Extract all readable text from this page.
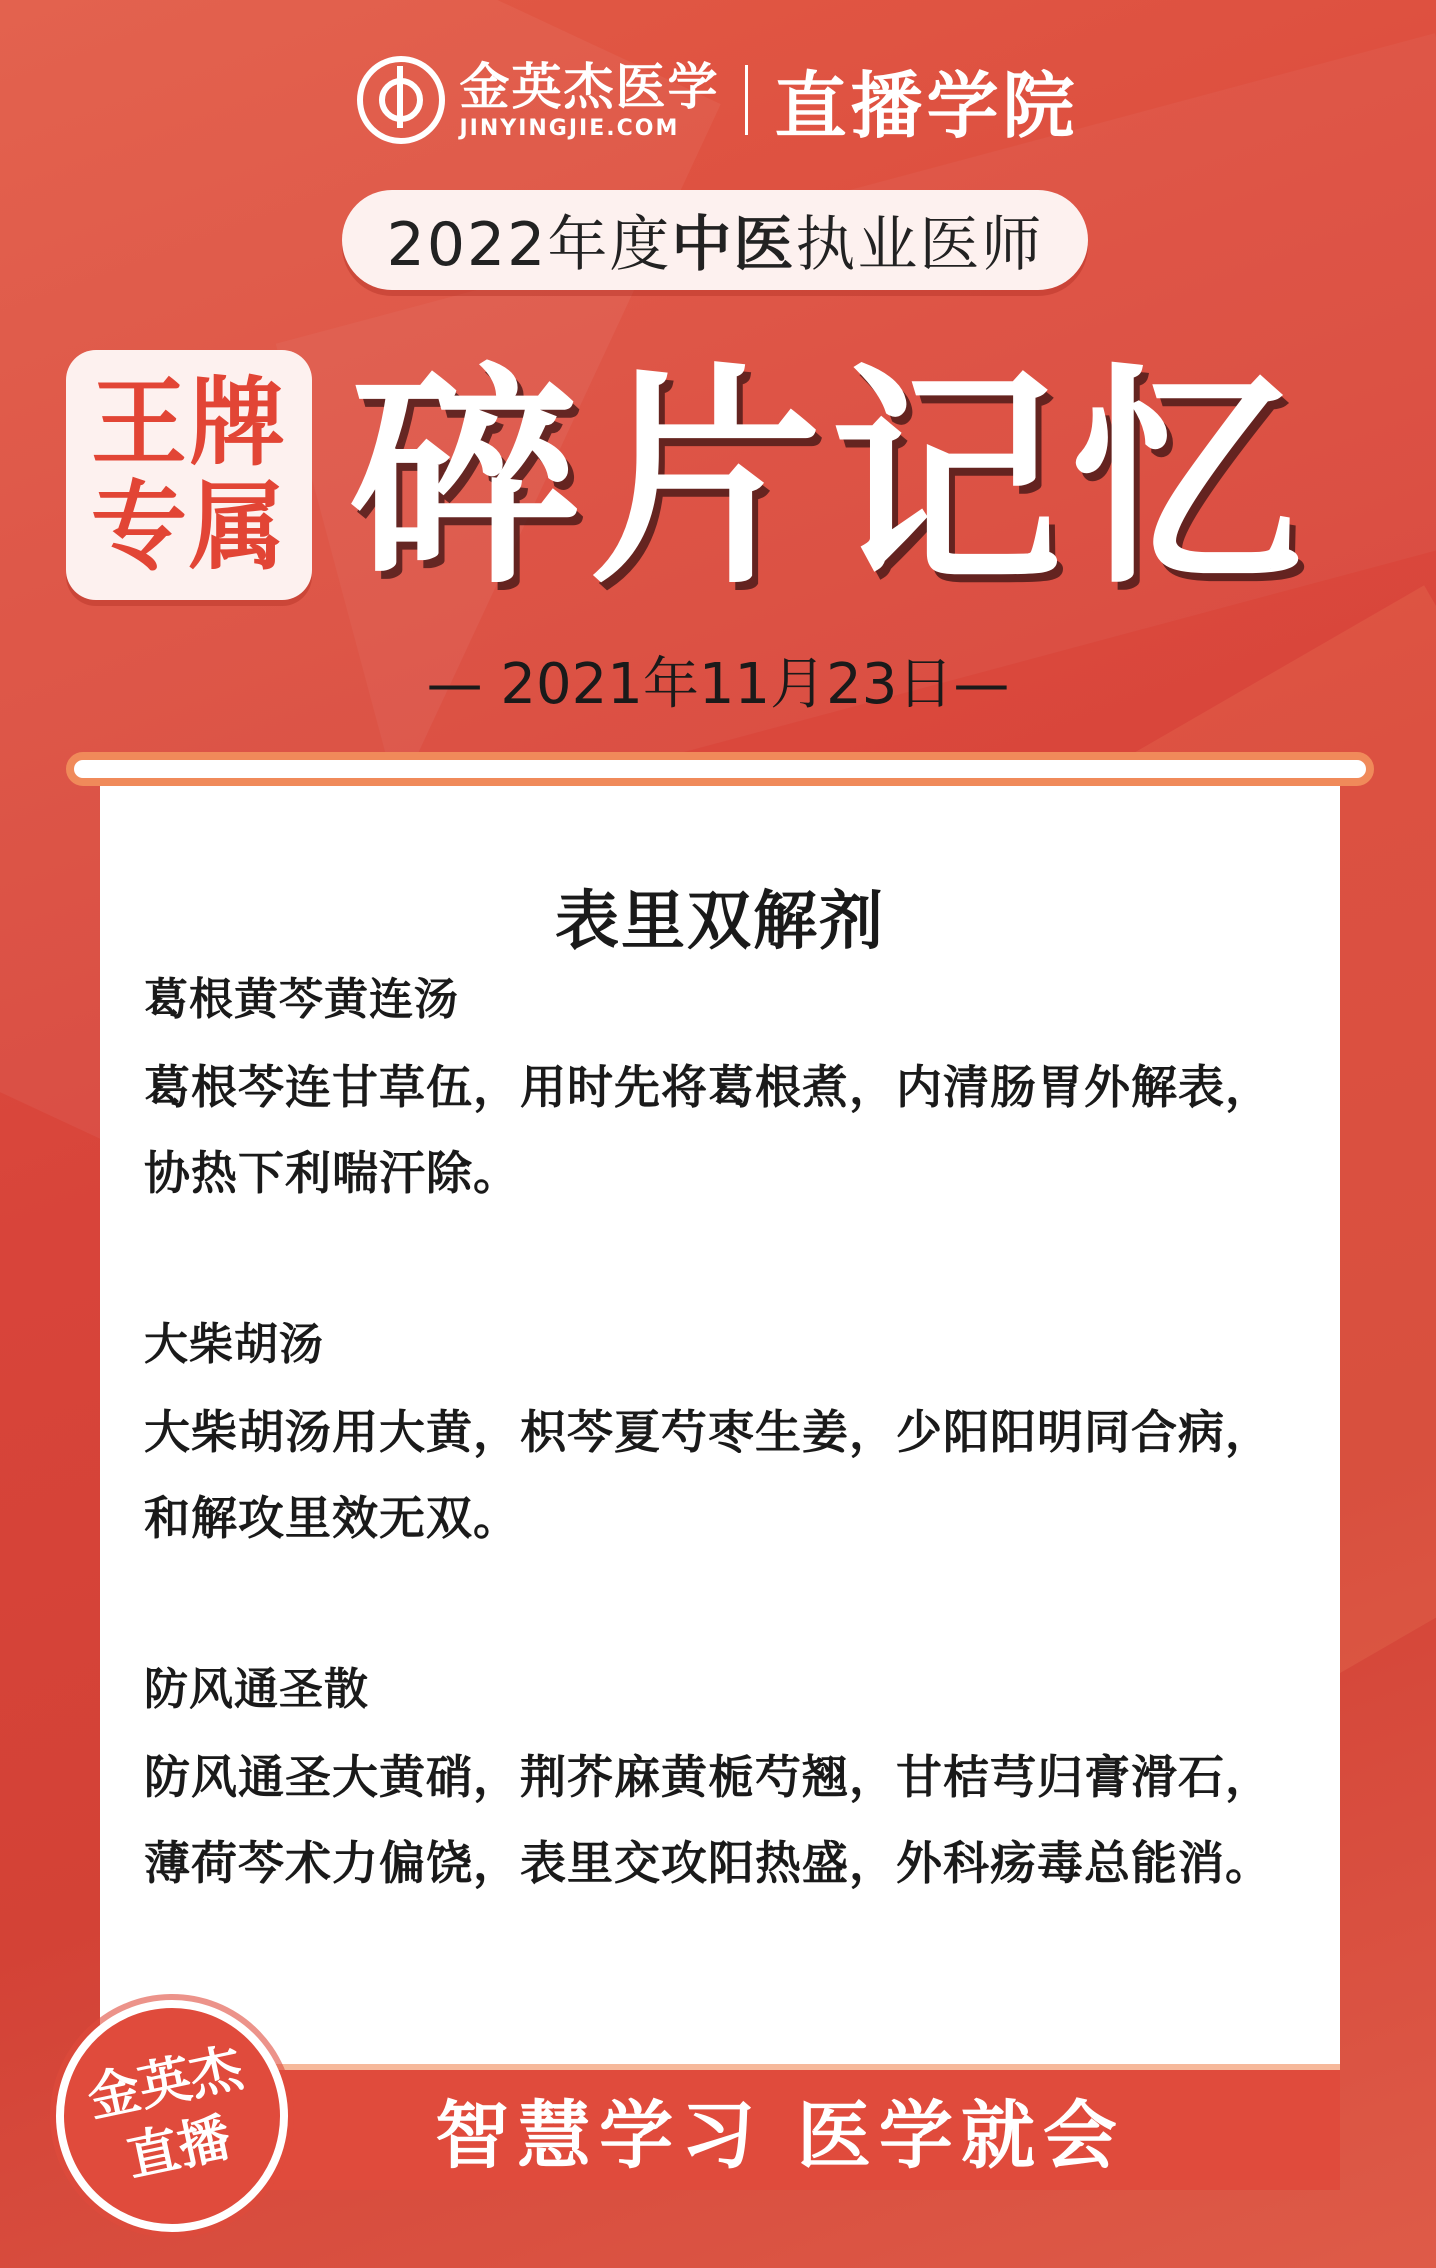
金英杰医学
JINYINGJIE.COM	直播学院
2022年度 中医 执业医师
王牌专属 碎片记忆
— 2021年11月23日—
表里双解剂
葛根黄芩黄连汤
葛根芩连甘草伍，用时先将葛根煮，内清肠胃外解表，
协热下利喘汗除。
大柴胡汤
大柴胡汤用大黄，枳芩夏芍枣生姜，少阳阳明同合病，
和解攻里效无双。
防风通圣散
防风通圣大黄硝，荆芥麻黄栀芍翘，甘桔芎归膏滑石，
薄荷芩术力偏饶，表里交攻阳热盛，外科疡毒总能消。
智慧学习 医学就会
金英杰直播
